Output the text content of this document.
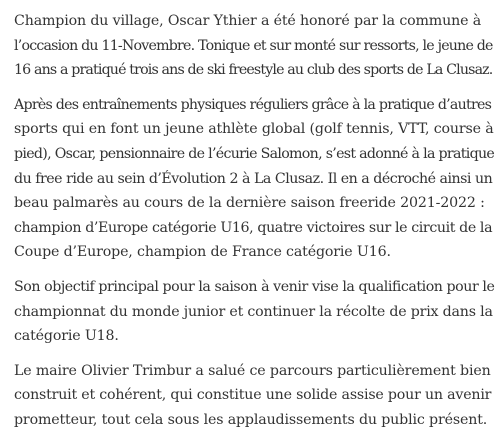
Champion du village, Oscar Ythier a été honoré par la commune à
l’occasion du 11-Novembre. Tonique et sur monté sur ressorts, le jeune de
16 ans a pratiqué trois ans de ski freestyle au club des sports de La Clusaz.

Après des entraînements physiques réguliers grâce à la pratique d’autres
sports qui en font un jeune athlète global (golf tennis, VTT, course à
pied), Oscar, pensionnaire de l’écurie Salomon, s’est adonné à la pratique
du free ride au sein d’Évolution 2 à La Clusaz. Il en a décroché ainsi un
beau palmarès au cours de la dernière saison freeride 2021-2022 :
champion d’Europe catégorie U16, quatre victoires sur le circuit de la
Coupe d’Europe, champion de France catégorie U16.

Son objectif principal pour la saison à venir vise la qualification pour le
championnat du monde junior et continuer la récolte de prix dans la
catégorie U18.

Le maire Olivier Trimbur a salué ce parcours particulièrement bien
construit et cohérent, qui constitue une solide assise pour un avenir
prometteur, tout cela sous les applaudissements du public présent.
